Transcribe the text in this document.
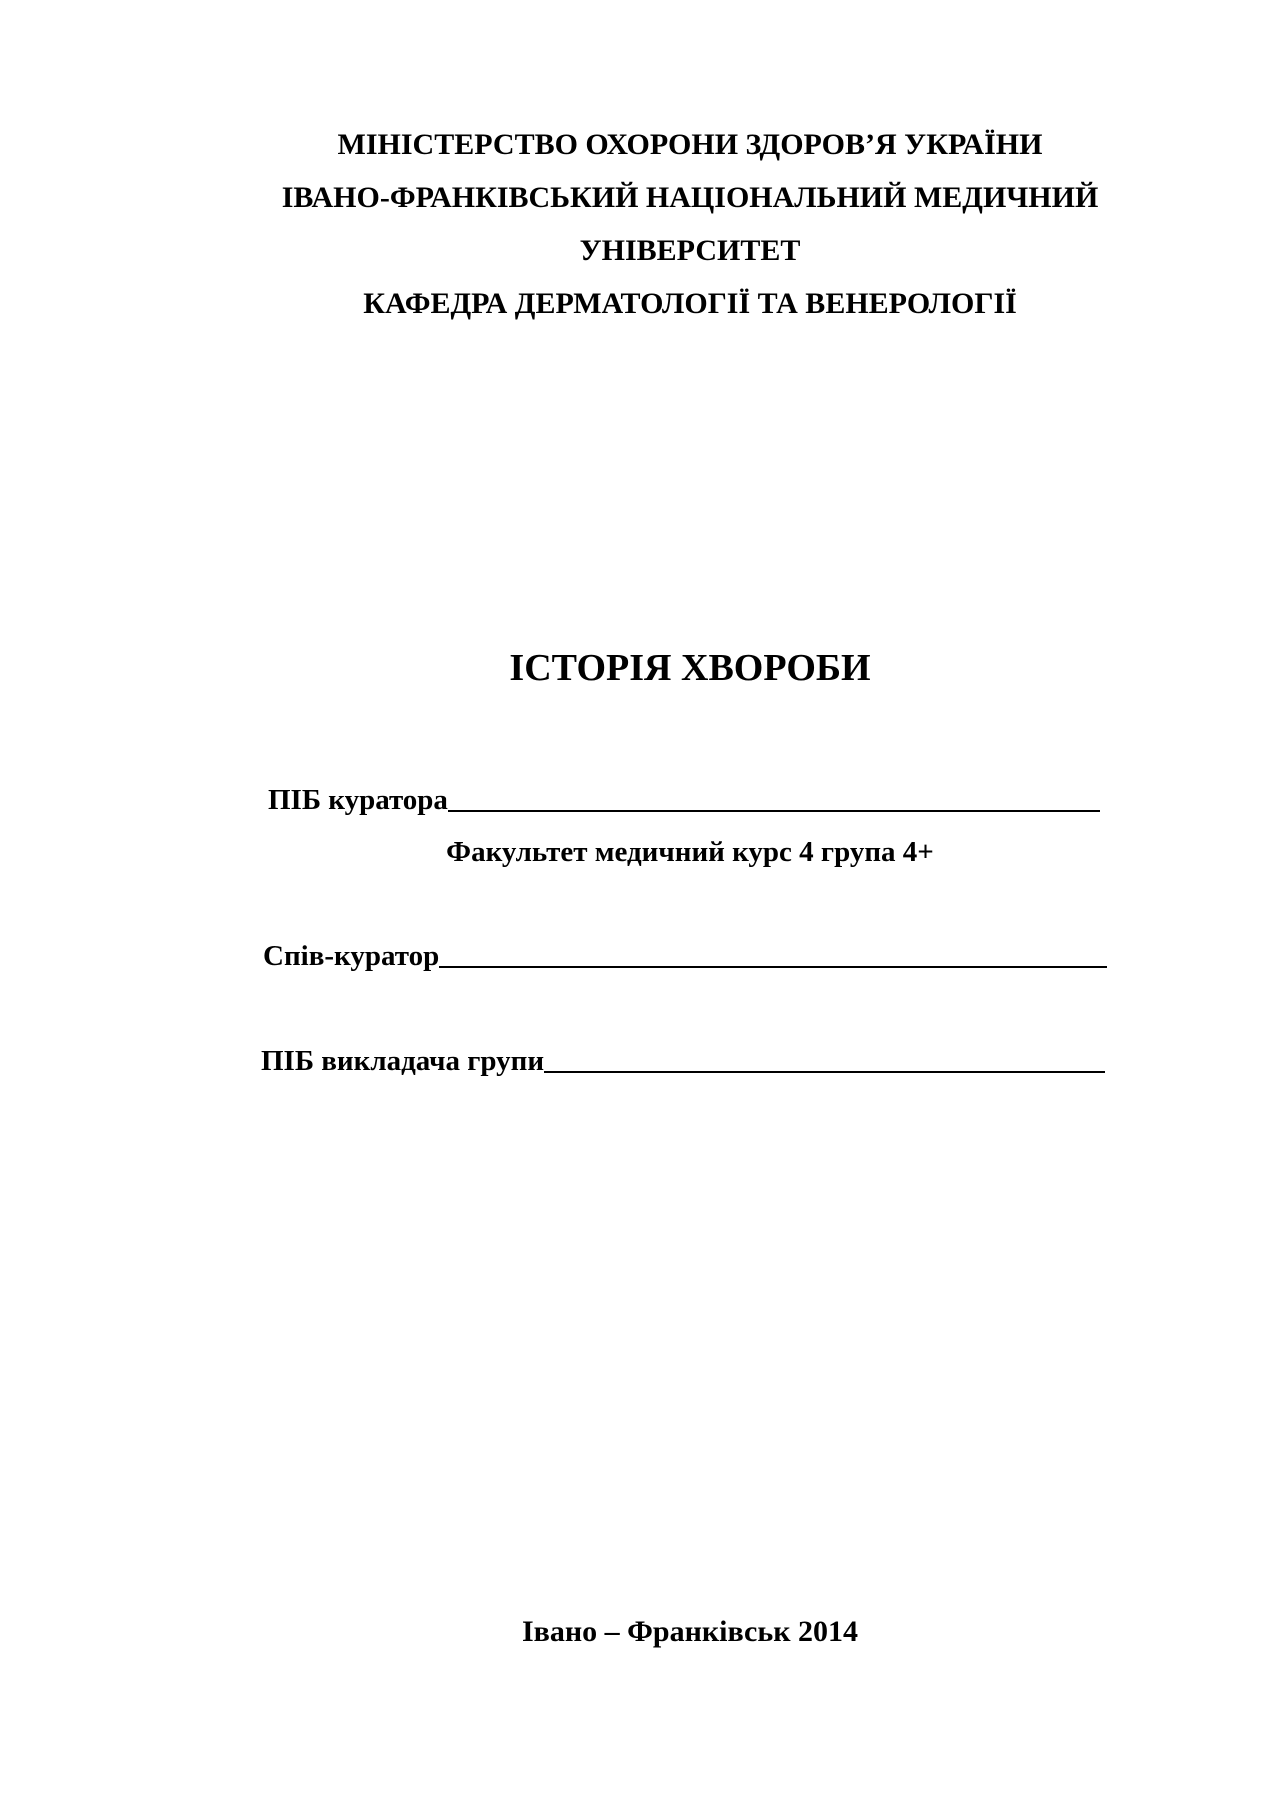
МІНІСТЕРСТВО ОХОРОНИ ЗДОРОВ’Я УКРАЇНИ
ІВАНО-ФРАНКІВСЬКИЙ НАЦІОНАЛЬНИЙ МЕДИЧНИЙ
УНІВЕРСИТЕТ
КАФЕДРА ДЕРМАТОЛОГІЇ ТА ВЕНЕРОЛОГІЇ
ІСТОРІЯ ХВОРОБИ
ПІБ куратора
Факультет медичний курс 4 група 4+
Спів-куратор
ПІБ викладача групи
Івано – Франківськ 2014
